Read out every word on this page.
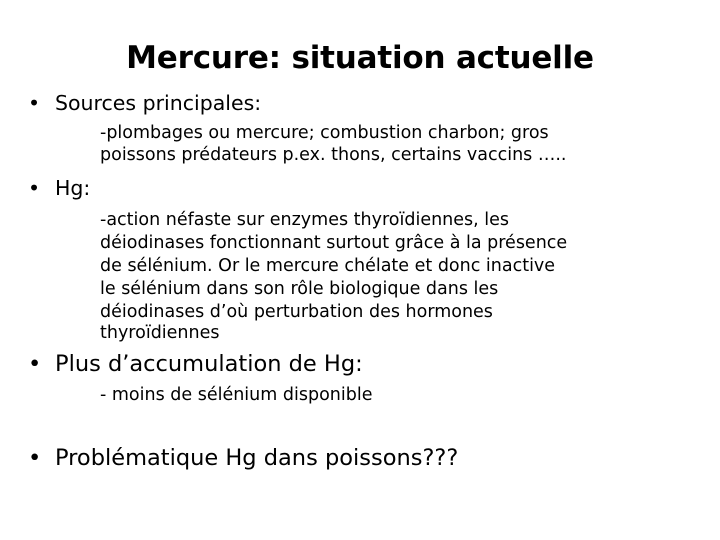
Mercure: situation actuelle
• Sources principales:
-plombages ou mercure; combustion charbon; gros
poissons prédateurs p.ex. thons, certains vaccins …..
• Hg:
-action néfaste sur enzymes thyroïdiennes, les
déiodinases fonctionnant surtout grâce à la présence
de sélénium. Or le mercure chélate et donc inactive
le sélénium dans son rôle biologique dans les
déiodinases d’où perturbation des hormones
thyroïdiennes
• Plus d’accumulation de Hg:
- moins de sélénium disponible
• Problématique Hg dans poissons???
